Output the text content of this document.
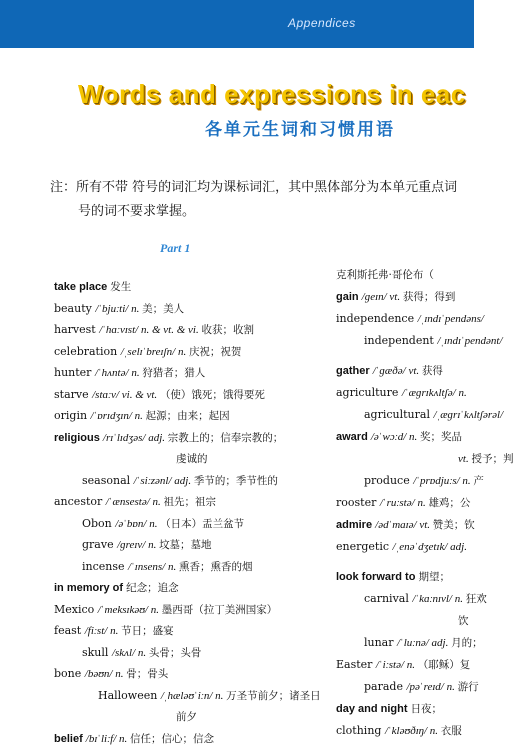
Appendices
Words and expressions in eac
各单元生词和习惯用语
注：所有不带 符号的词汇均为课标词汇，其中黑体部分为本单元重点词
号的词不要求掌握。
Part 1
take place 发生
beauty /ˈbjuːti/ n. 美；美人
harvest /ˈhɑːvɪst/ n. & vt. & vi. 收获；收割
celebration /ˌselɪˈbreɪʃn/ n. 庆祝；祝贺
hunter /ˈhʌntə/ n. 狩猎者；猎人
starve /stɑːv/ vi. & vt. （使）饿死；饿得要死
origin /ˈɒrɪdʒɪn/ n. 起源；由来；起因
religious /rɪˈlɪdʒəs/ adj. 宗教上的；信奉宗教的；
虔诚的
seasonal /ˈsiːzənl/ adj. 季节的；季节性的
ancestor /ˈænsestə/ n. 祖先；祖宗
Obon /əˈbɒn/ n. （日本）盂兰盆节
grave /ɡreɪv/ n. 坟墓；墓地
incense /ˈɪnsens/ n. 熏香；熏香的烟
in memory of 纪念；追念
Mexico /ˈmeksɪkəʊ/ n. 墨西哥（拉丁美洲国家）
feast /fiːst/ n. 节日；盛宴
skull /skʌl/ n. 头骨；头骨
bone /bəʊn/ n. 骨；骨头
Halloween /ˌhæləʊˈiːn/ n. 万圣节前夕；诸圣日
前夕
belief /bɪˈliːf/ n. 信任；信心；信念
克利斯托弗·哥伦布（
gain /ɡeɪn/ vt. 获得；得到
independence /ˌɪndɪˈpendəns/
independent /ˌɪndɪˈpendənt/
gather /ˈɡæðə/ vt. 获得
agriculture /ˈæɡrɪkʌltʃə/ n.
agricultural /ˌæɡrɪˈkʌltʃərəl/
award /əˈwɔːd/ n. 奖；奖品
vt. 授予；判
produce /ˈprɒdjuːs/ n. 产
rooster /ˈruːstə/ n. 雄鸡；公
admire /ədˈmaɪə/ vt. 赞美；钦
energetic /ˌenəˈdʒetɪk/ adj.
look forward to 期望；
carnival /ˈkɑːnɪvl/ n. 狂欢
饮
lunar /ˈluːnə/ adj. 月的；
Easter /ˈiːstə/ n. （耶稣）复
parade /pəˈreɪd/ n. 游行
day and night 日夜；
clothing /ˈkləʊðɪŋ/ n. 衣服
